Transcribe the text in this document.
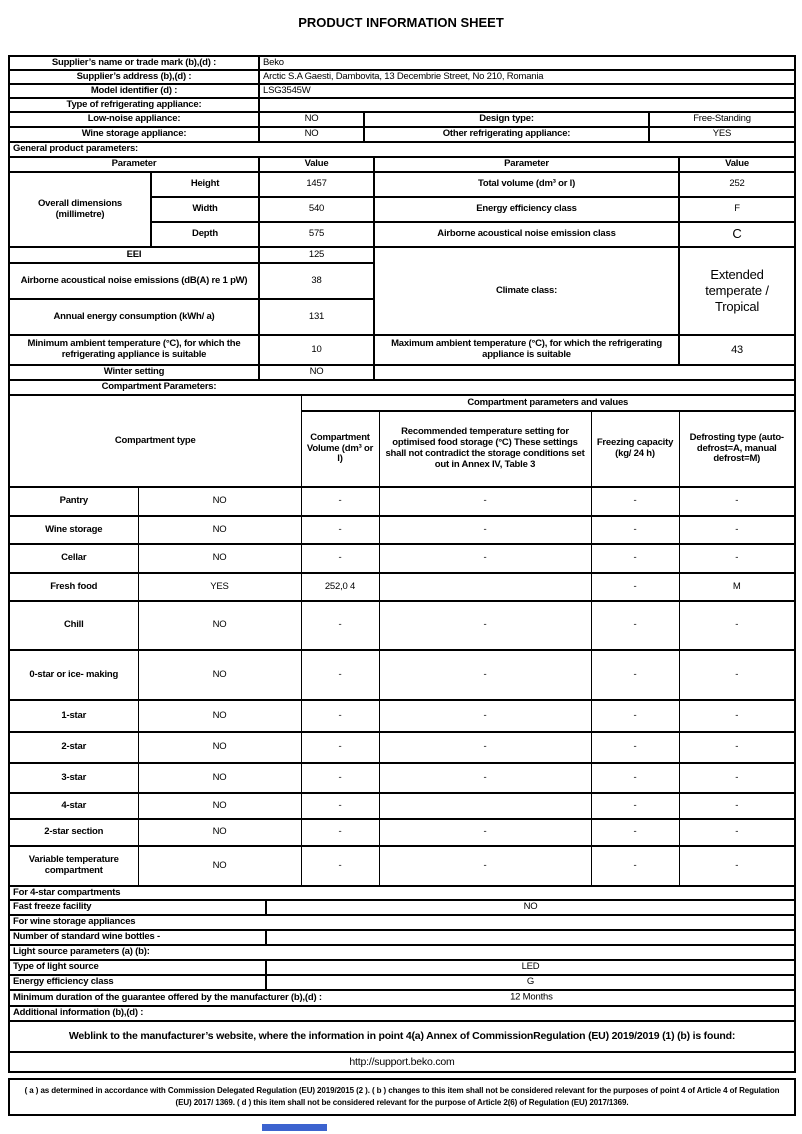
PRODUCT INFORMATION SHEET
Supplier’s name or trade mark (b),(d) :	Beko
Supplier’s address (b),(d) :	Arctic S.A Gaesti, Dambovita, 13 Decembrie Street, No 210, Romania
Model identifier (d) :	LSG3545W
Type of refrigerating appliance:	
Low-noise appliance:	NO	Design type:	Free-Standing
Wine storage appliance:	NO	Other refrigerating appliance:	YES
General product parameters:				
Parameter		Value	Parameter	Value
Overall dimensions (millimetre)	Height	1457	Total volume (dm³ or l)	252
	Width	540	Energy efficiency class	F
	Depth	575	Airborne acoustical noise emission class	C
EEI		125	Climate class:	Extended temperate / Tropical
Airborne acoustical noise emissions (dB(A) re 1 pW)		38		
Annual energy consumption (kWh/ a)		131		
Minimum ambient temperature (°C), for which the refrigerating appliance is suitable		10	Maximum ambient temperature (°C), for which the refrigerating appliance is suitable	43
Winter setting		NO		
Compartment Parameters:					

Compartment type		Compartment parameters and values			
		Compartment Volume (dm³ or l)	Recommended temperature setting for optimised food storage (°C) These settings shall not contradict the storage conditions set out in Annex IV, Table 3	Freezing capacity (kg/ 24 h)	Defrosting type (auto-defrost=A, manual defrost=M)
Pantry	NO	-	-	-	-
Wine storage	NO	-	-	-	-
Cellar	NO	-	-	-	-
Fresh food	YES	252,0 4		-	M
Chill	NO	-	-	-	-
0-star or ice- making	NO	-	-	-	-
1-star	NO	-	-	-	-
2-star	NO	-	-	-	-
3-star	NO	-	-	-	-
4-star	NO	-		-	-
2-star section	NO	-	-	-	-
Variable temperature compartment	NO	-	-	-	-
For 4-star compartments	
Fast freeze facility	NO
For wine storage appliances	
Number of standard wine bottles -	
Light source parameters (a) (b):	
Type of light source	LED
Energy efficiency class	G
Minimum duration of the guarantee offered by the manufacturer (b),(d) : 12 Months	

Additional information (b),(d) :	
Weblink to the manufacturer’s website, where the information in point 4(a) Annex of CommissionRegulation (EU) 2019/2019 (1) (b) is found:
http://support.beko.com
( a ) as determined in accordance with Commission Delegated Regulation (EU) 2019/2015 (2 ). ( b ) changes to this item shall not be considered relevant for the purposes of point 4 of Article 4 of Regulation (EU) 2017/ 1369. ( d ) this item shall not be considered relevant for the purpose of Article 2(6) of Regulation (EU) 2017/1369.
